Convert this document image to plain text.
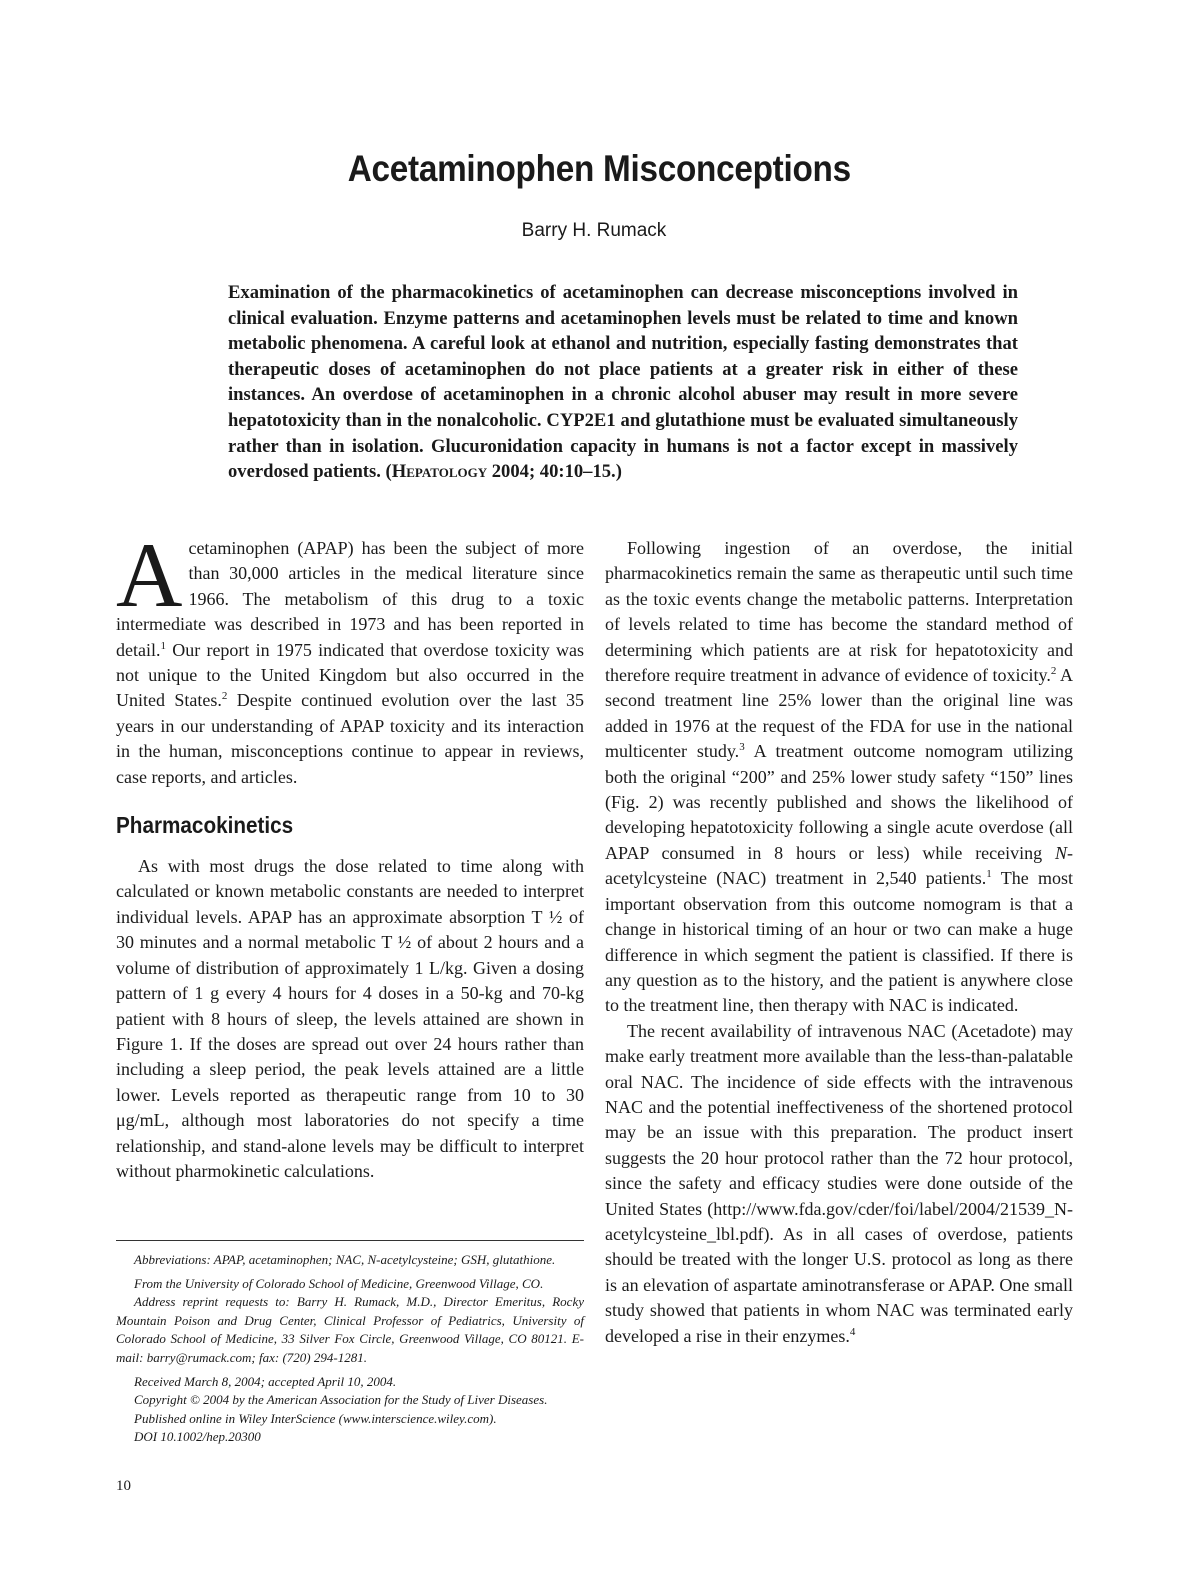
Acetaminophen Misconceptions
Barry H. Rumack

Examination of the pharmacokinetics of acetaminophen can decrease misconceptions involved in clinical evaluation. Enzyme patterns and acetaminophen levels must be related to time and known metabolic phenomena. A careful look at ethanol and nutrition, especially fasting demonstrates that therapeutic doses of acetaminophen do not place patients at a greater risk in either of these instances. An overdose of acetaminophen in a chronic alcohol abuser may result in more severe hepatotoxicity than in the nonalcoholic. CYP2E1 and glutathione must be evaluated simultaneously rather than in isolation. Glucuronidation capacity in humans is not a factor except in massively overdosed patients. (Hepatology 2004; 40:10–15.)

Acetaminophen (APAP) has been the subject of more than 30,000 articles in the medical literature since 1966. The metabolism of this drug to a toxic intermediate was described in 1973 and has been reported in detail.$^1$ Our report in 1975 indicated that overdose toxicity was not unique to the United Kingdom but also occurred in the United States.$^2$ Despite continued evolution over the last 35 years in our understanding of APAP toxicity and its interaction in the human, misconceptions continue to appear in reviews, case reports, and articles.

Pharmacokinetics

As with most drugs the dose related to time along with calculated or known metabolic constants are needed to interpret individual levels. APAP has an approximate absorption T ½ of 30 minutes and a normal metabolic T ½ of about 2 hours and a volume of distribution of approximately 1 L/kg. Given a dosing pattern of 1 g every 4 hours for 4 doses in a 50-kg and 70-kg patient with 8 hours of sleep, the levels attained are shown in Figure 1. If the doses are spread out over 24 hours rather than including a sleep period, the peak levels attained are a little lower. Levels reported as therapeutic range from 10 to 30 μg/mL, although most laboratories do not specify a time relationship, and stand-alone levels may be difficult to interpret without pharmokinetic calculations.

Following ingestion of an overdose, the initial pharmacokinetics remain the same as therapeutic until such time as the toxic events change the metabolic patterns. Interpretation of levels related to time has become the standard method of determining which patients are at risk for hepatotoxicity and therefore require treatment in advance of evidence of toxicity.$^2$ A second treatment line 25% lower than the original line was added in 1976 at the request of the FDA for use in the national multicenter study.$^3$ A treatment outcome nomogram utilizing both the original “200” and 25% lower study safety “150” lines (Fig. 2) was recently published and shows the likelihood of developing hepatotoxicity following a single acute overdose (all APAP consumed in 8 hours or less) while receiving N-acetylcysteine (NAC) treatment in 2,540 patients.$^1$ The most important observation from this outcome nomogram is that a change in historical timing of an hour or two can make a huge difference in which segment the patient is classified. If there is any question as to the history, and the patient is anywhere close to the treatment line, then therapy with NAC is indicated.

The recent availability of intravenous NAC (Acetadote) may make early treatment more available than the less-than-palatable oral NAC. The incidence of side effects with the intravenous NAC and the potential ineffectiveness of the shortened protocol may be an issue with this preparation. The product insert suggests the 20 hour protocol rather than the 72 hour protocol, since the safety and efficacy studies were done outside of the United States (http://www.fda.gov/cder/foi/label/2004/21539_N-acetylcysteine_lbl.pdf). As in all cases of overdose, patients should be treated with the longer U.S. protocol as long as there is an elevation of aspartate aminotransferase or APAP. One small study showed that patients in whom NAC was terminated early developed a rise in their enzymes.$^4$

Abbreviations: APAP, acetaminophen; NAC, N-acetylcysteine; GSH, glutathione.

From the University of Colorado School of Medicine, Greenwood Village, CO.

Address reprint requests to: Barry H. Rumack, M.D., Director Emeritus, Rocky Mountain Poison and Drug Center, Clinical Professor of Pediatrics, University of Colorado School of Medicine, 33 Silver Fox Circle, Greenwood Village, CO 80121. E-mail: barry@rumack.com; fax: (720) 294-1281.

Received March 8, 2004; accepted April 10, 2004.

Copyright © 2004 by the American Association for the Study of Liver Diseases.

Published online in Wiley InterScience (www.interscience.wiley.com).

DOI 10.1002/hep.20300

10
